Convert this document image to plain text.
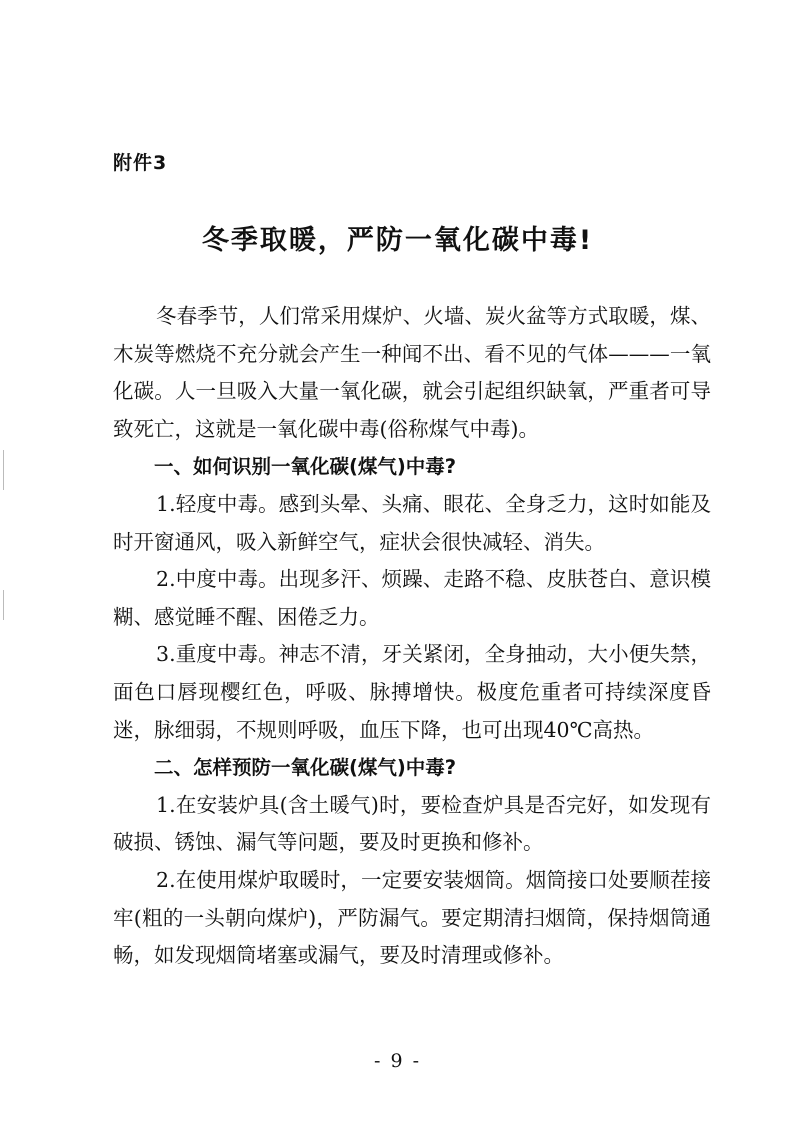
附件3
冬季取暖，严防一氧化碳中毒!

冬春季节，人们常采用煤炉、火墙、炭火盆等方式取暖，煤、木炭等燃烧不充分就会产生一种闻不出、看不见的气体———一氧化碳。人一旦吸入大量一氧化碳，就会引起组织缺氧，严重者可导致死亡，这就是一氧化碳中毒(俗称煤气中毒)。

一、如何识别一氧化碳(煤气)中毒?

1.轻度中毒。感到头晕、头痛、眼花、全身乏力，这时如能及时开窗通风，吸入新鲜空气，症状会很快减轻、消失。

2.中度中毒。出现多汗、烦躁、走路不稳、皮肤苍白、意识模糊、感觉睡不醒、困倦乏力。

3.重度中毒。神志不清，牙关紧闭，全身抽动，大小便失禁，面色口唇现樱红色，呼吸、脉搏增快。极度危重者可持续深度昏迷，脉细弱，不规则呼吸，血压下降，也可出现40℃高热。

二、怎样预防一氧化碳(煤气)中毒?

1.在安装炉具(含土暖气)时，要检查炉具是否完好，如发现有破损、锈蚀、漏气等问题，要及时更换和修补。

2.在使用煤炉取暖时，一定要安装烟筒。烟筒接口处要顺茬接牢(粗的一头朝向煤炉)，严防漏气。要定期清扫烟筒，保持烟筒通畅，如发现烟筒堵塞或漏气，要及时清理或修补。

- 9 -
